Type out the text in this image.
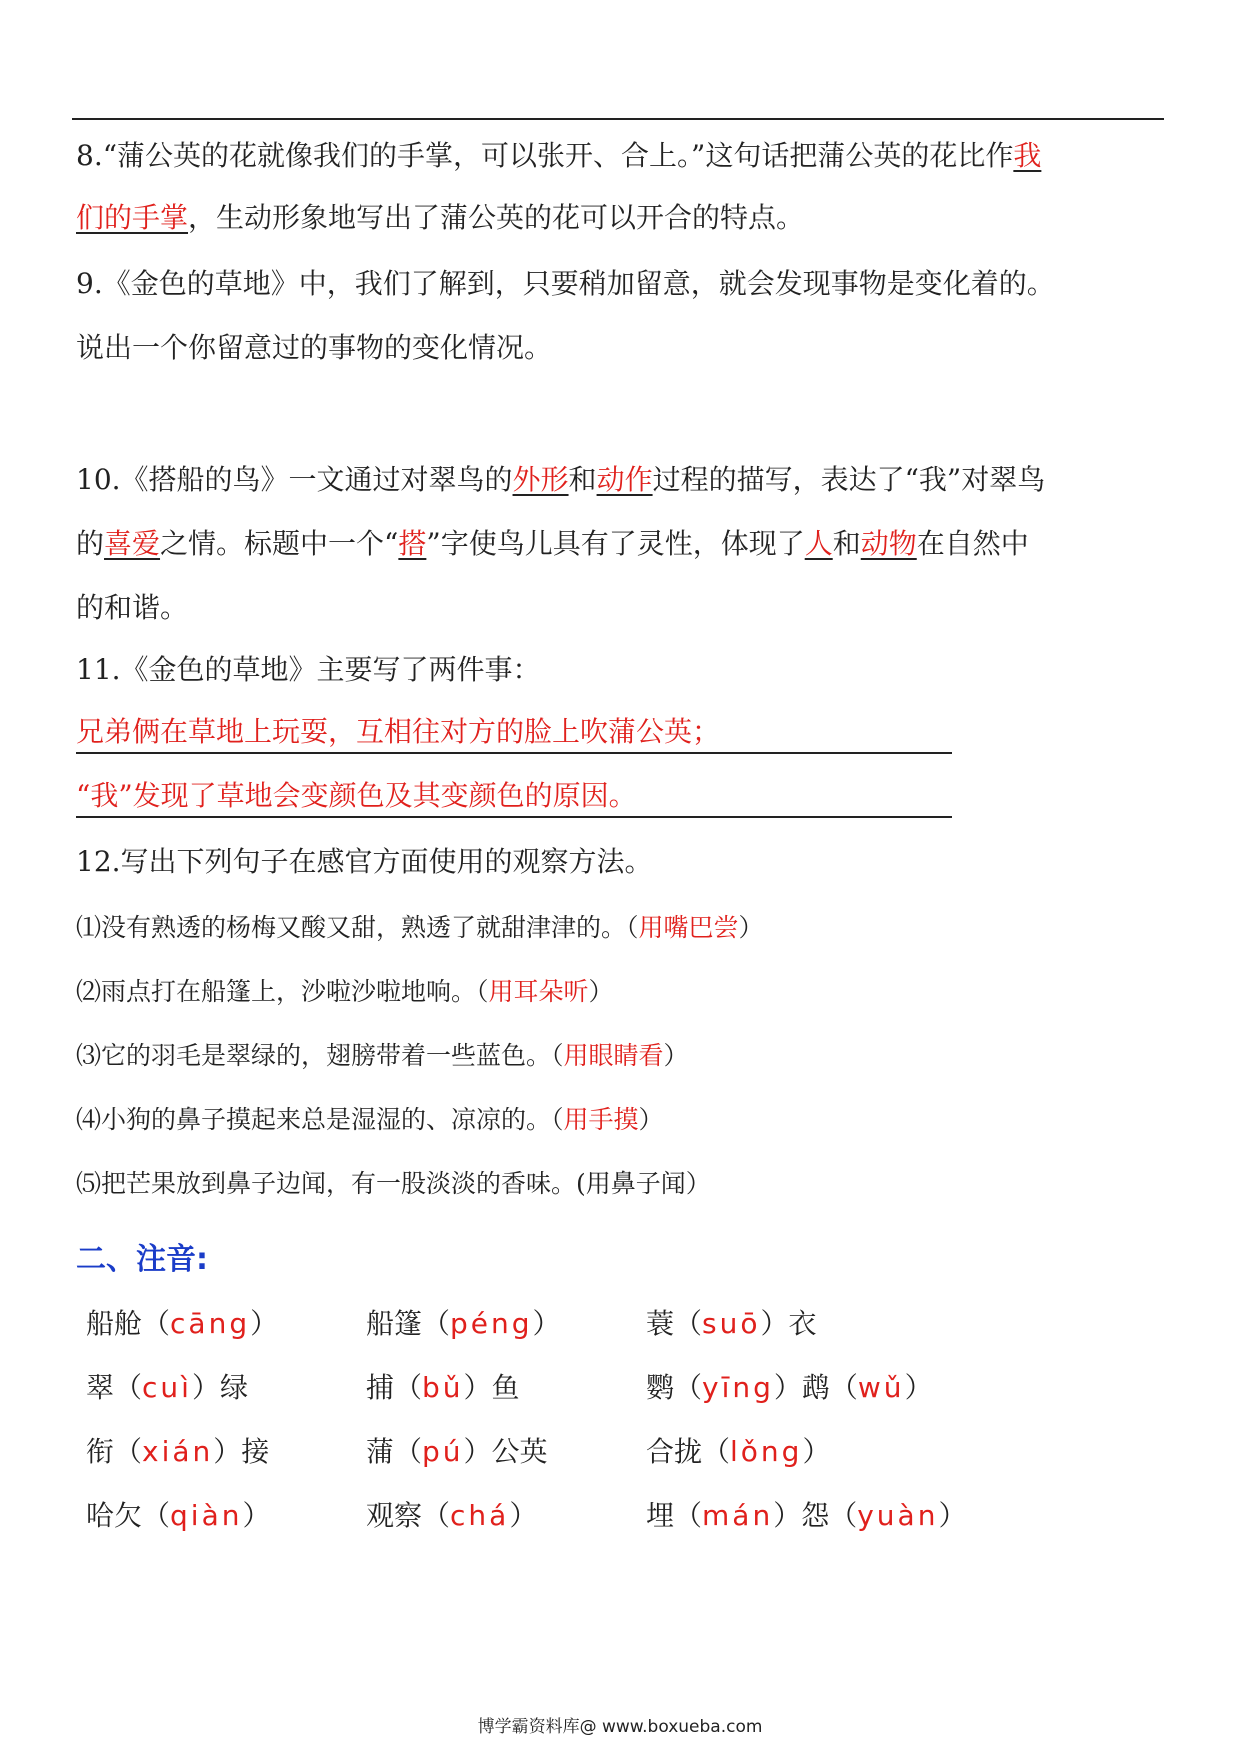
8.“蒲公英的花就像我们的手掌，可以张开、合上。”这句话把蒲公英的花比作我
们的手掌，生动形象地写出了蒲公英的花可以开合的特点。
9.《金色的草地》中，我们了解到，只要稍加留意，就会发现事物是变化着的。
说出一个你留意过的事物的变化情况。
10.《搭船的鸟》一文通过对翠鸟的外形和动作过程的描写，表达了“我”对翠鸟
的喜爱之情。标题中一个“搭”字使鸟儿具有了灵性，体现了人和动物在自然中
的和谐。
11.《金色的草地》主要写了两件事：
兄弟俩在草地上玩耍，互相往对方的脸上吹蒲公英；
“我”发现了草地会变颜色及其变颜色的原因。
12.写出下列句子在感官方面使用的观察方法。
⑴没有熟透的杨梅又酸又甜，熟透了就甜津津的。（用嘴巴尝）
⑵雨点打在船篷上，沙啦沙啦地响。（用耳朵听）
⑶它的羽毛是翠绿的，翅膀带着一些蓝色。（用眼睛看）
⑷小狗的鼻子摸起来总是湿湿的、凉凉的。（用手摸）
⑸把芒果放到鼻子边闻，有一股淡淡的香味。(用鼻子闻）
二、注音:
船舱（cāng）	船篷（péng）	蓑（suō）衣
翠（cuì）绿	捕（bǔ）鱼	鹦（yīng）鹉（wǔ）
衔（xián）接	蒲（pú）公英	合拢（lǒng）
哈欠（qiàn）	观察（chá）	埋（mán）怨（yuàn）
博学霸资料库@ www.boxueba.com
